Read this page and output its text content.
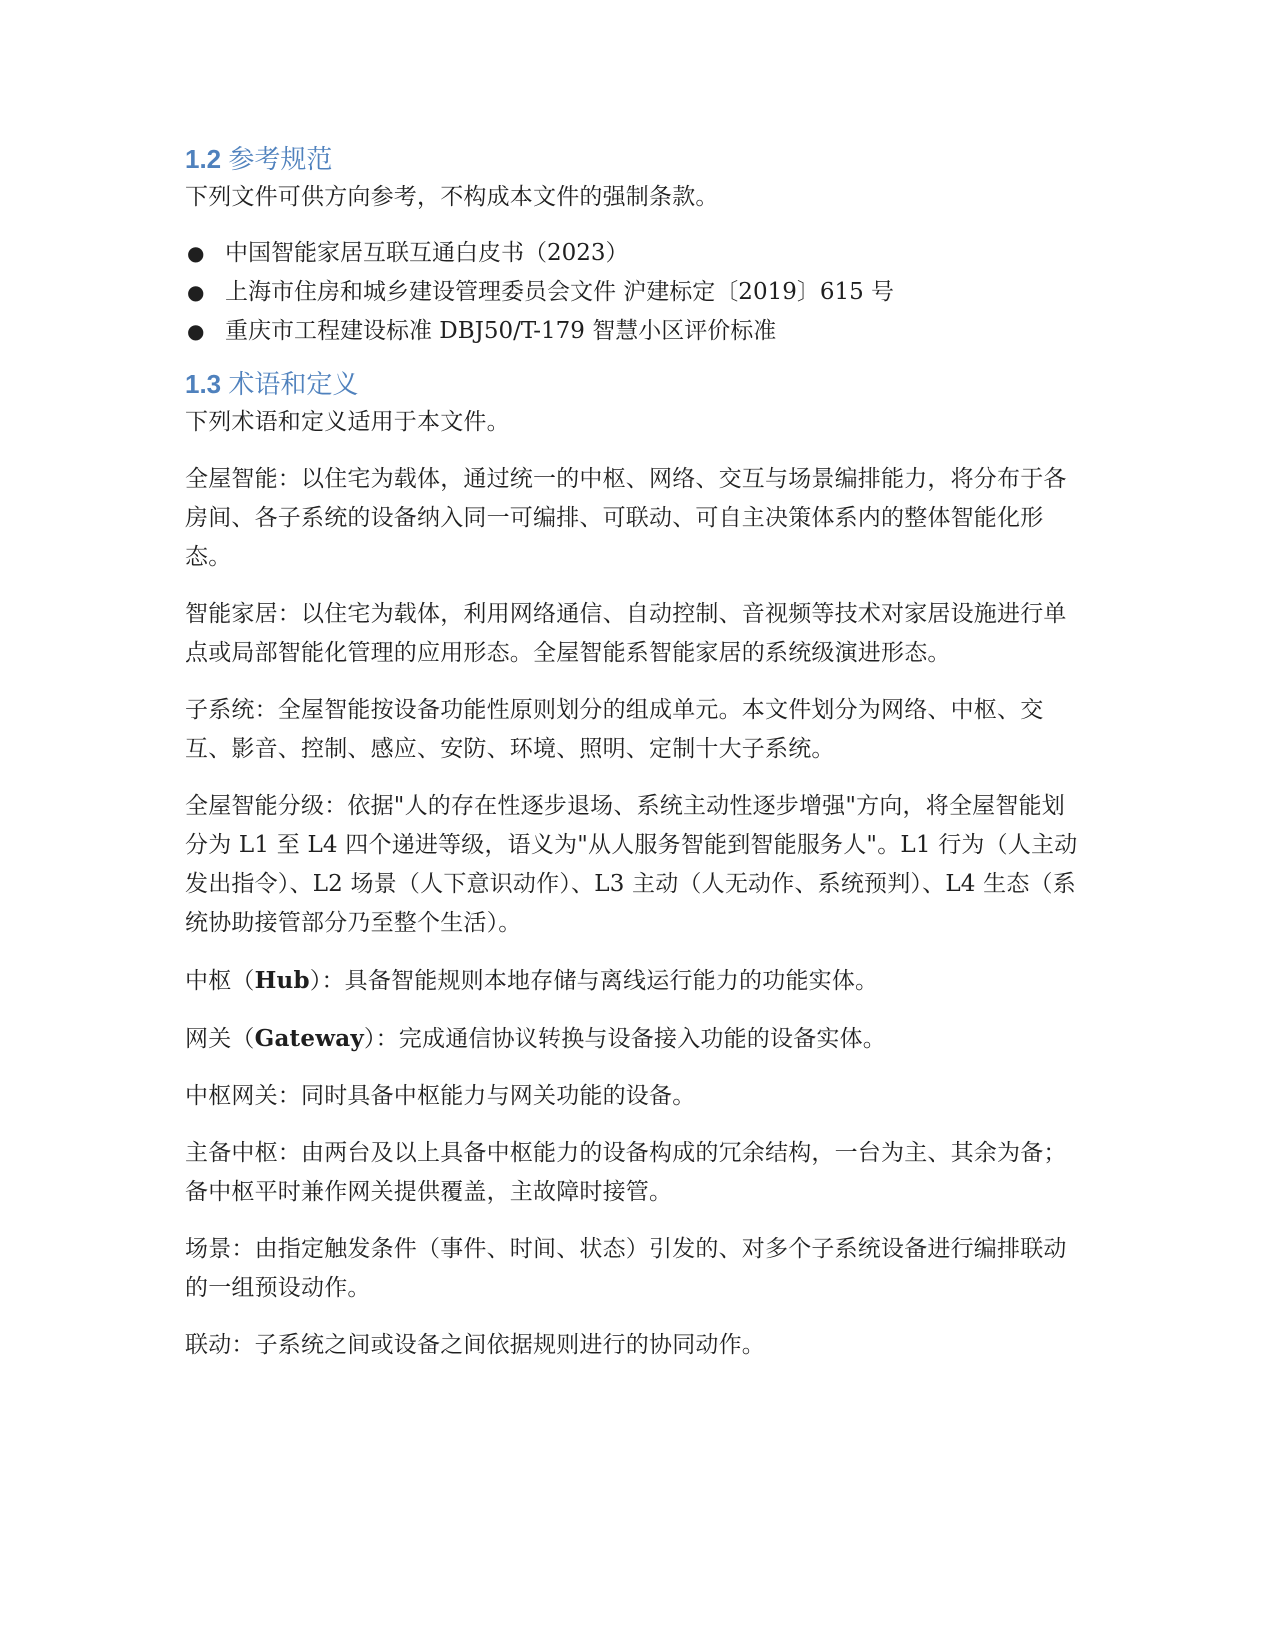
1.2 参考规范

下列文件可供方向参考，不构成本文件的强制条款。

● 中国智能家居互联互通白皮书（2023）
● 上海市住房和城乡建设管理委员会文件 沪建标定〔2019〕615 号
● 重庆市工程建设标准 DBJ50/T-179 智慧小区评价标准
1.3 术语和定义

下列术语和定义适用于本文件。

全屋智能：以住宅为载体，通过统一的中枢、网络、交互与场景编排能力，将分布于各房间、各子系统的设备纳入同一可编排、可联动、可自主决策体系内的整体智能化形态。

智能家居：以住宅为载体，利用网络通信、自动控制、音视频等技术对家居设施进行单点或局部智能化管理的应用形态。全屋智能系智能家居的系统级演进形态。

子系统：全屋智能按设备功能性原则划分的组成单元。本文件划分为网络、中枢、交互、影音、控制、感应、安防、环境、照明、定制十大子系统。

全屋智能分级：依据"人的存在性逐步退场、系统主动性逐步增强"方向，将全屋智能划分为 L1 至 L4 四个递进等级，语义为"从人服务智能到智能服务人"。L1 行为（人主动发出指令）、L2 场景（人下意识动作）、L3 主动（人无动作、系统预判）、L4 生态（系统协助接管部分乃至整个生活）。

中枢（Hub）：具备智能规则本地存储与离线运行能力的功能实体。

网关（Gateway）：完成通信协议转换与设备接入功能的设备实体。

中枢网关：同时具备中枢能力与网关功能的设备。

主备中枢：由两台及以上具备中枢能力的设备构成的冗余结构，一台为主、其余为备；备中枢平时兼作网关提供覆盖，主故障时接管。

场景：由指定触发条件（事件、时间、状态）引发的、对多个子系统设备进行编排联动的一组预设动作。

联动：子系统之间或设备之间依据规则进行的协同动作。
